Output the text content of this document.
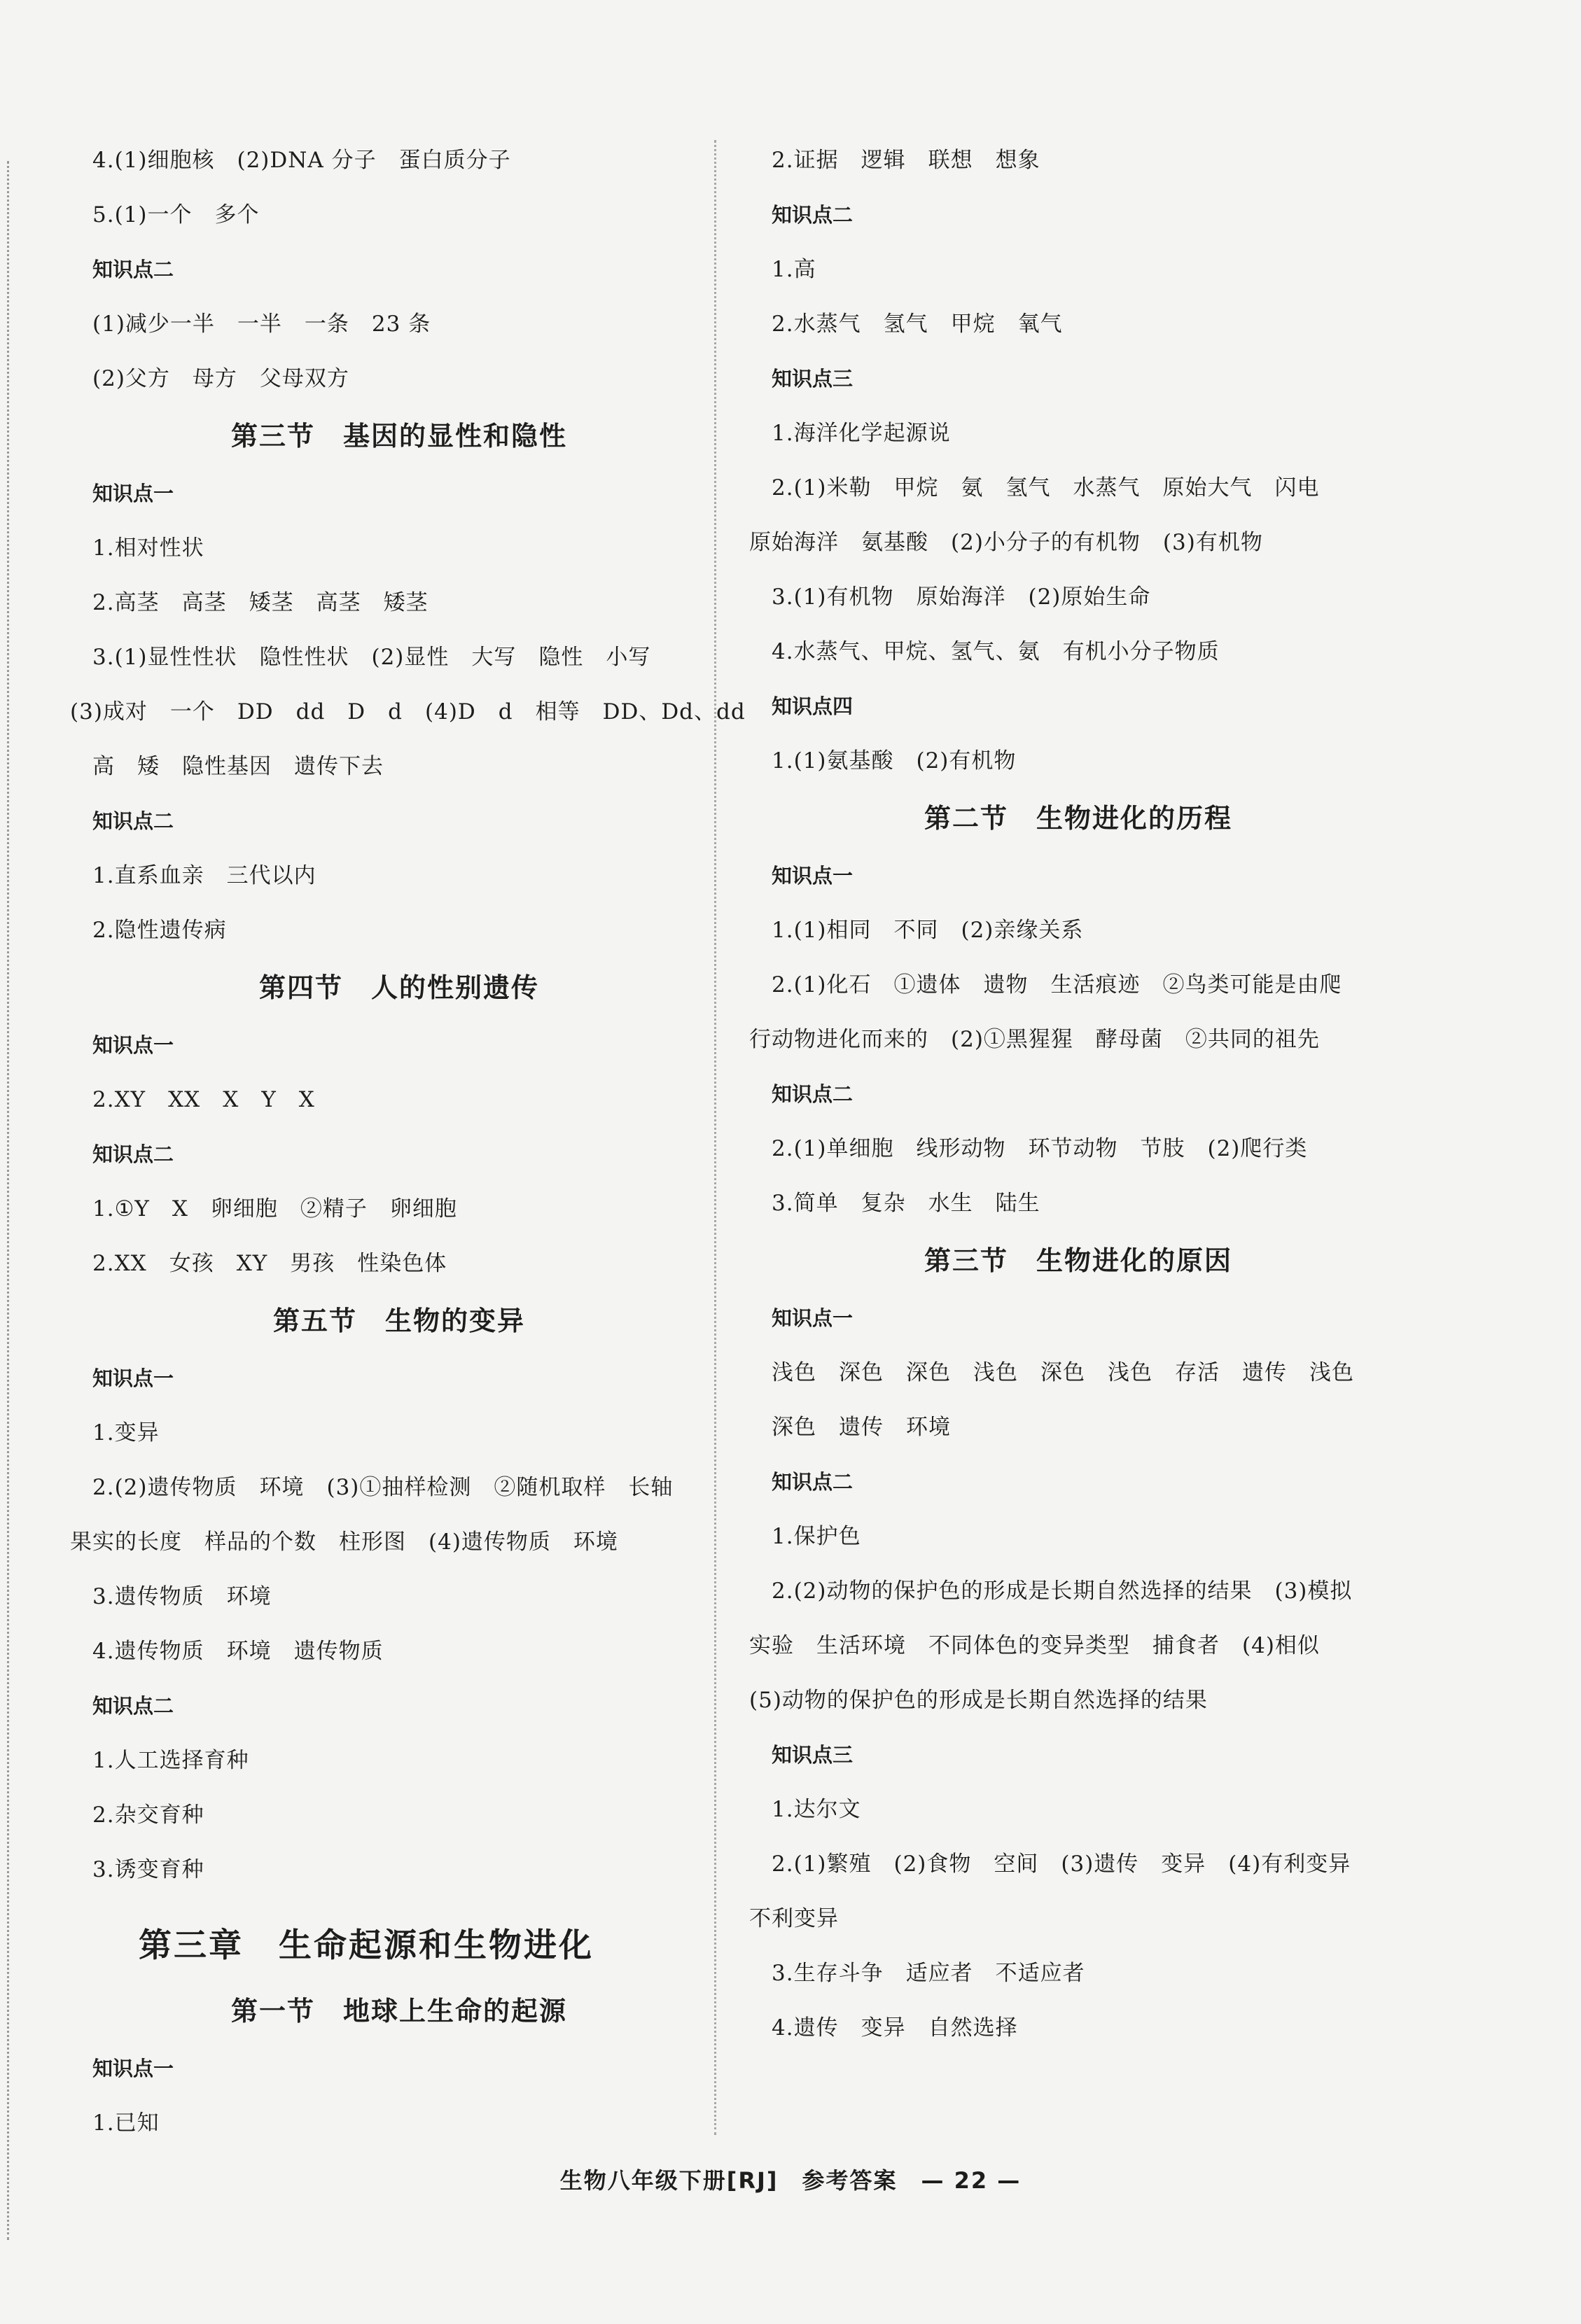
4.(1)细胞核　(2)DNA 分子　蛋白质分子
5.(1)一个　多个
知识点二
(1)减少一半　一半　一条　23 条
(2)父方　母方　父母双方
第三节　基因的显性和隐性
知识点一
1.相对性状
2.高茎　高茎　矮茎　高茎　矮茎
3.(1)显性性状　隐性性状　(2)显性　大写　隐性　小写
(3)成对　一个　DD　dd　D　d　(4)D　d　相等　DD、Dd、dd
　高　矮　隐性基因　遗传下去
知识点二
1.直系血亲　三代以内
2.隐性遗传病
第四节　人的性别遗传
知识点一
2.XY　XX　X　Y　X
知识点二
1.①Y　X　卵细胞　②精子　卵细胞
2.XX　女孩　XY　男孩　性染色体
第五节　生物的变异
知识点一
1.变异
2.(2)遗传物质　环境　(3)①抽样检测　②随机取样　长轴
果实的长度　样品的个数　柱形图　(4)遗传物质　环境
3.遗传物质　环境
4.遗传物质　环境　遗传物质
知识点二
1.人工选择育种
2.杂交育种
3.诱变育种
第三章　生命起源和生物进化
第一节　地球上生命的起源
知识点一
1.已知
2.证据　逻辑　联想　想象
知识点二
1.高
2.水蒸气　氢气　甲烷　氧气
知识点三
1.海洋化学起源说
2.(1)米勒　甲烷　氨　氢气　水蒸气　原始大气　闪电
原始海洋　氨基酸　(2)小分子的有机物　(3)有机物
3.(1)有机物　原始海洋　(2)原始生命
4.水蒸气、甲烷、氢气、氨　有机小分子物质
知识点四
1.(1)氨基酸　(2)有机物
第二节　生物进化的历程
知识点一
1.(1)相同　不同　(2)亲缘关系
2.(1)化石　①遗体　遗物　生活痕迹　②鸟类可能是由爬
行动物进化而来的　(2)①黑猩猩　酵母菌　②共同的祖先
知识点二
2.(1)单细胞　线形动物　环节动物　节肢　(2)爬行类
3.简单　复杂　水生　陆生
第三节　生物进化的原因
知识点一
浅色　深色　深色　浅色　深色　浅色　存活　遗传　浅色
　深色　遗传　环境
知识点二
1.保护色
2.(2)动物的保护色的形成是长期自然选择的结果　(3)模拟
实验　生活环境　不同体色的变异类型　捕食者　(4)相似
(5)动物的保护色的形成是长期自然选择的结果
知识点三
1.达尔文
2.(1)繁殖　(2)食物　空间　(3)遗传　变异　(4)有利变异
不利变异
3.生存斗争　适应者　不适应者
4.遗传　变异　自然选择
生物八年级下册[RJ]　参考答案　— 22 —
